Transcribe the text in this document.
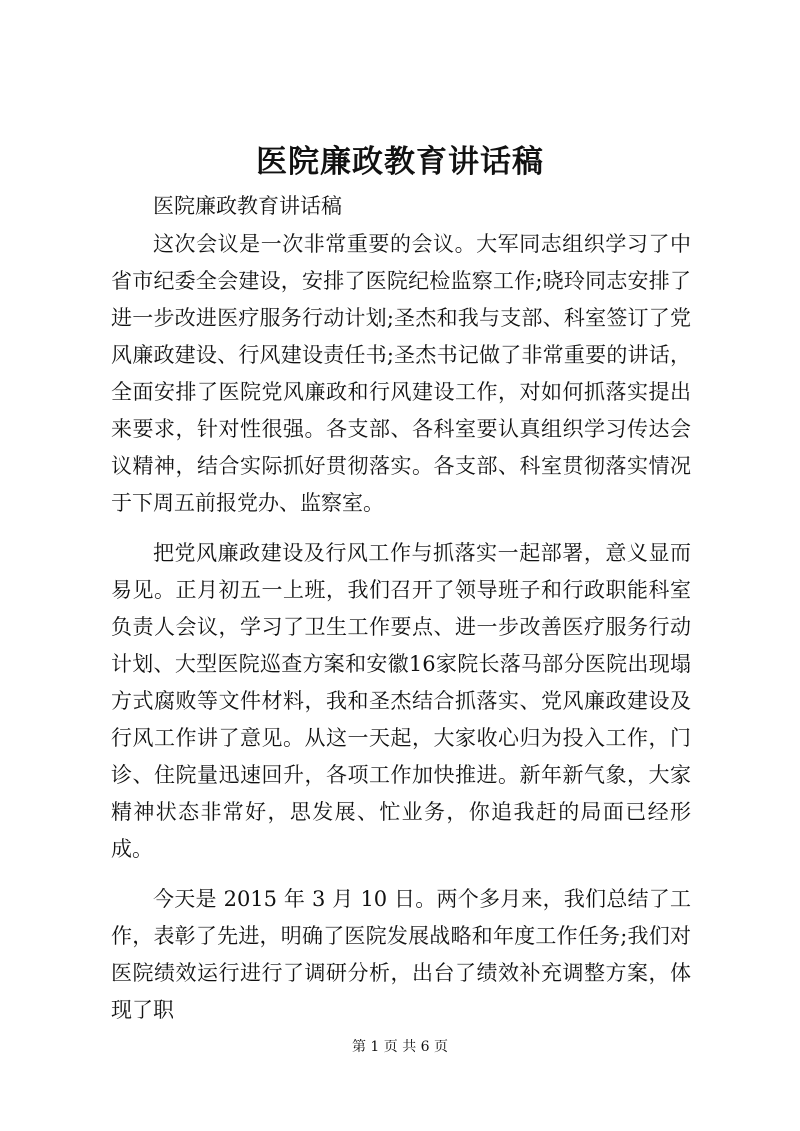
医院廉政教育讲话稿

医院廉政教育讲话稿

这次会议是一次非常重要的会议。大军同志组织学习了中省市纪委全会建设，安排了医院纪检监察工作;晓玲同志安排了进一步改进医疗服务行动计划;圣杰和我与支部、科室签订了党风廉政建设、行风建设责任书;圣杰书记做了非常重要的讲话，全面安排了医院党风廉政和行风建设工作，对如何抓落实提出来要求，针对性很强。各支部、各科室要认真组织学习传达会议精神，结合实际抓好贯彻落实。各支部、科室贯彻落实情况于下周五前报党办、监察室。

把党风廉政建设及行风工作与抓落实一起部署，意义显而易见。正月初五一上班，我们召开了领导班子和行政职能科室负责人会议，学习了卫生工作要点、进一步改善医疗服务行动计划、大型医院巡查方案和安徽16家院长落马部分医院出现塌方式腐败等文件材料，我和圣杰结合抓落实、党风廉政建设及行风工作讲了意见。从这一天起，大家收心归为投入工作，门诊、住院量迅速回升，各项工作加快推进。新年新气象，大家精神状态非常好，思发展、忙业务，你追我赶的局面已经形成。

今天是 2015 年 3 月 10 日。两个多月来，我们总结了工作，表彰了先进，明确了医院发展战略和年度工作任务;我们对医院绩效运行进行了调研分析，出台了绩效补充调整方案，体现了职

第 1 页 共 6 页
